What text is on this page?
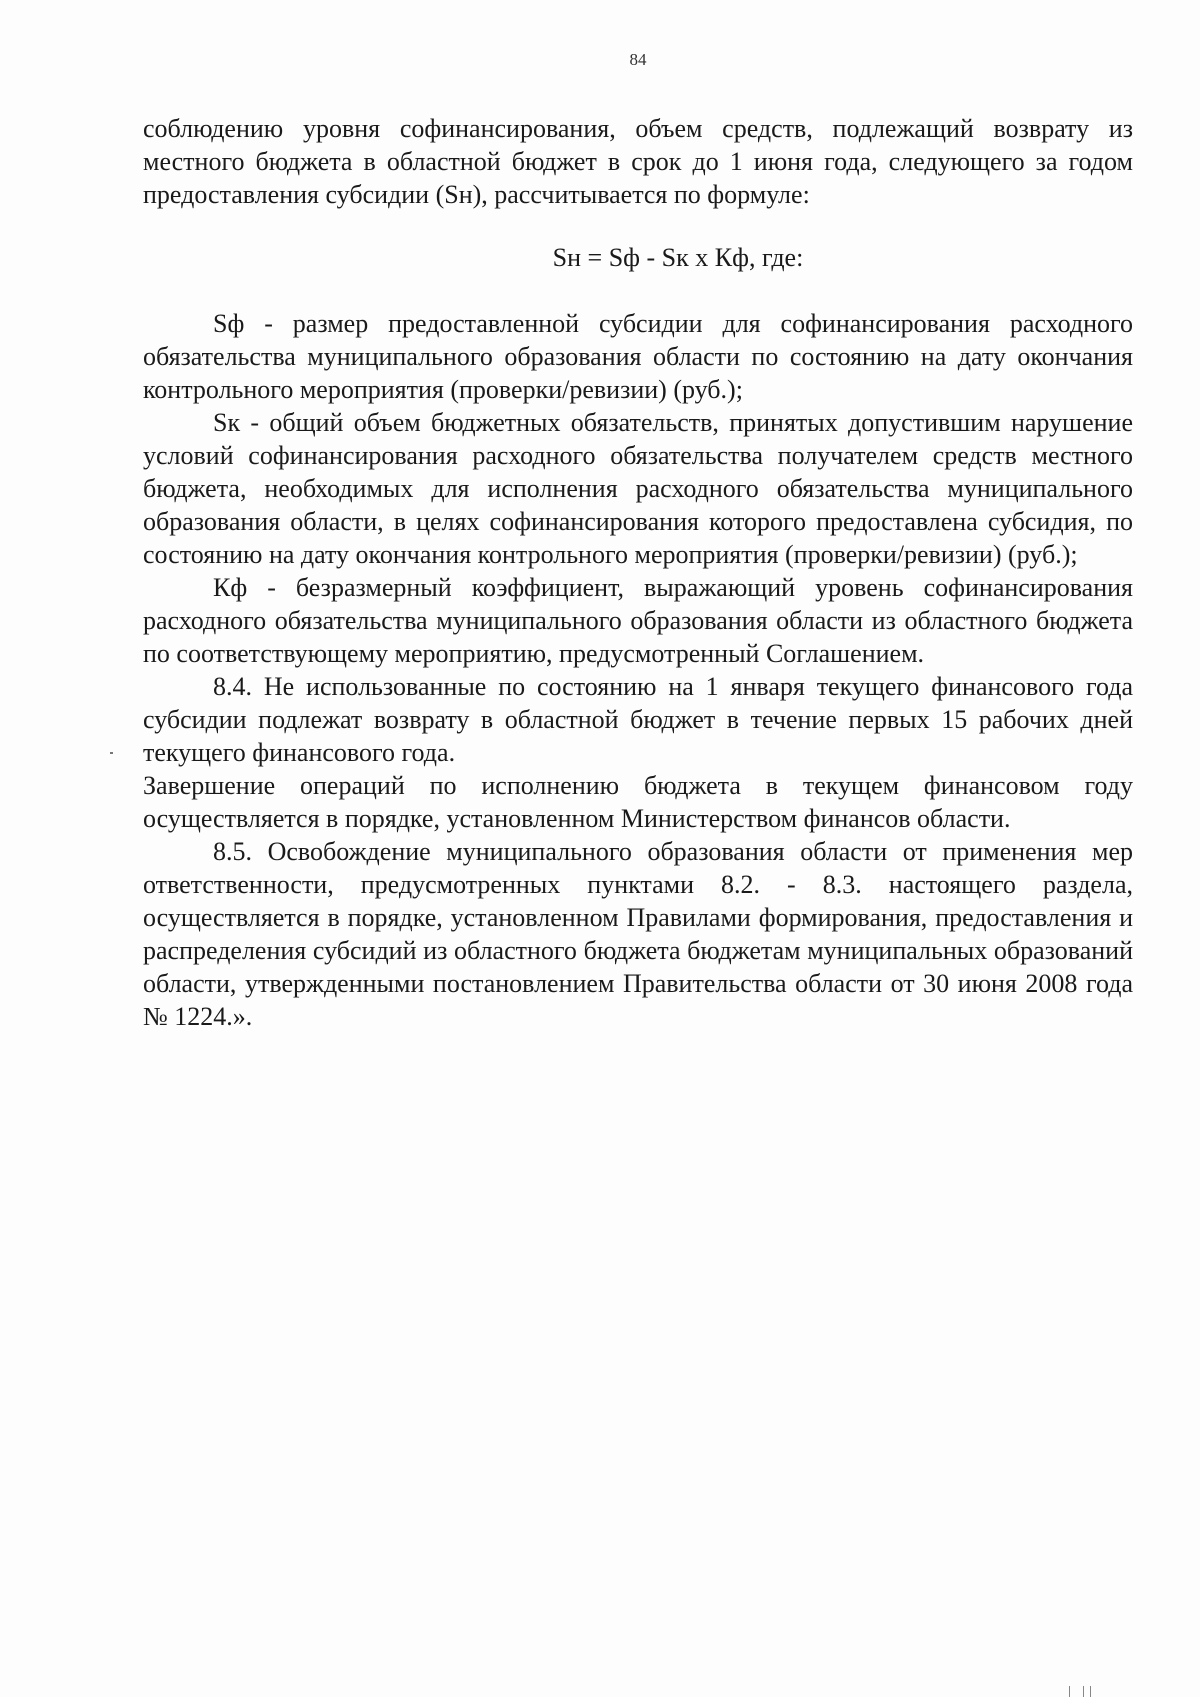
84

соблюдению уровня софинансирования, объем средств, подлежащий возврату из местного бюджета в областной бюджет в срок до 1 июня года, следующего за годом предоставления субсидии (Sн), рассчитывается по формуле:

Sн = Sф - Sк x Кф, где:

Sф - размер предоставленной субсидии для софинансирования расходного обязательства муниципального образования области по состоянию на дату окончания контрольного мероприятия (проверки/ревизии) (руб.);

Sк - общий объем бюджетных обязательств, принятых допустившим нарушение условий софинансирования расходного обязательства получателем средств местного бюджета, необходимых для исполнения расходного обязательства муниципального образования области, в целях софинансирования которого предоставлена субсидия, по состоянию на дату окончания контрольного мероприятия (проверки/ревизии) (руб.);

Кф - безразмерный коэффициент, выражающий уровень софинансирования расходного обязательства муниципального образования области из областного бюджета по соответствующему мероприятию, предусмотренный Соглашением.

8.4. Не использованные по состоянию на 1 января текущего финансового года субсидии подлежат возврату в областной бюджет в течение первых 15 рабочих дней текущего финансового года.

Завершение операций по исполнению бюджета в текущем финансовом году осуществляется в порядке, установленном Министерством финансов области.

8.5. Освобождение муниципального образования области от применения мер ответственности, предусмотренных пунктами 8.2. - 8.3. настоящего раздела, осуществляется в порядке, установленном Правилами формирования, предоставления и распределения субсидий из областного бюджета бюджетам муниципальных образований области, утвержденными постановлением Правительства области от 30 июня 2008 года № 1224.».

| ||
